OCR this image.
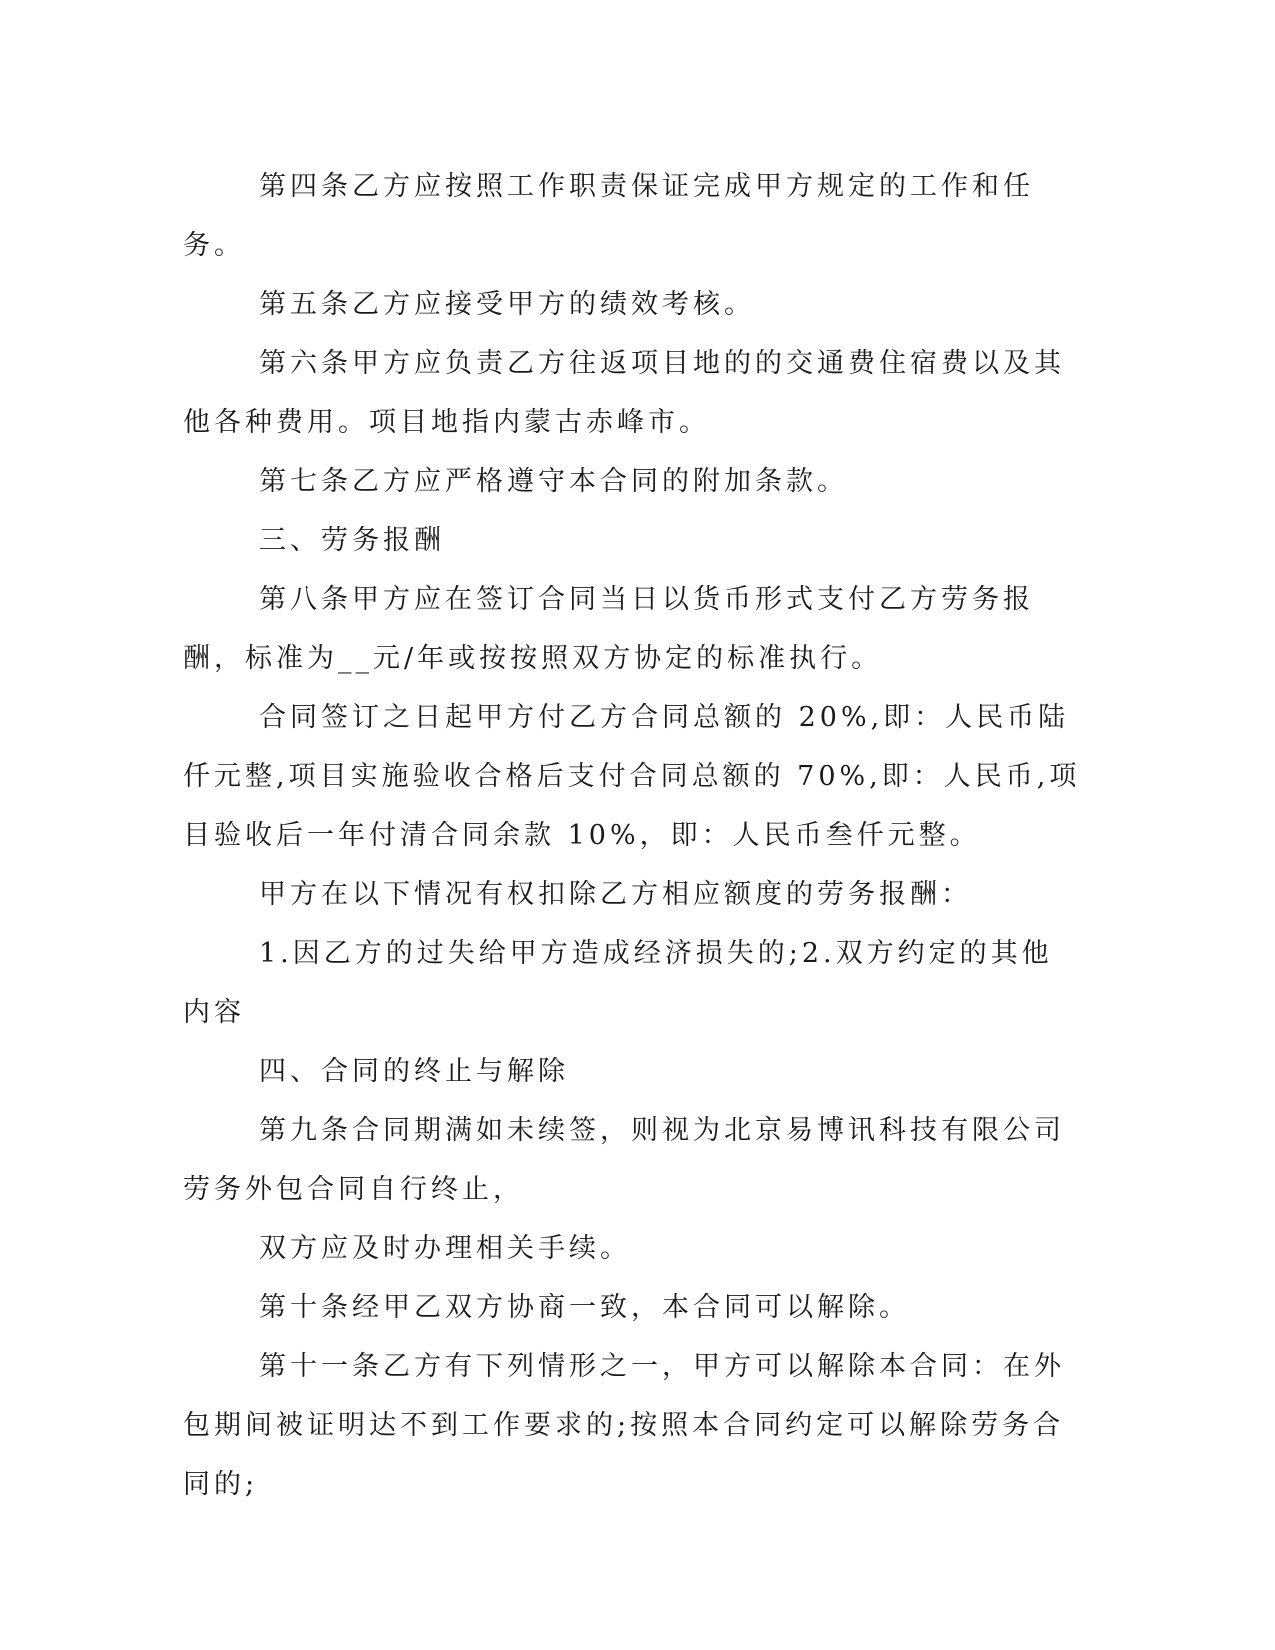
第四条乙方应按照工作职责保证完成甲方规定的工作和任务。

第五条乙方应接受甲方的绩效考核。

第六条甲方应负责乙方往返项目地的的交通费住宿费以及其他各种费用。项目地指内蒙古赤峰市。

第七条乙方应严格遵守本合同的附加条款。

三、劳务报酬

第八条甲方应在签订合同当日以货币形式支付乙方劳务报酬，标准为__元/年或按按照双方协定的标准执行。

合同签订之日起甲方付乙方合同总额的 20%,即：人民币陆仟元整,项目实施验收合格后支付合同总额的 70%,即：人民币,项目验收后一年付清合同余款 10%，即：人民币叁仟元整。

甲方在以下情况有权扣除乙方相应额度的劳务报酬：

1.因乙方的过失给甲方造成经济损失的;2.双方约定的其他内容

四、合同的终止与解除

第九条合同期满如未续签，则视为北京易博讯科技有限公司劳务外包合同自行终止，

双方应及时办理相关手续。

第十条经甲乙双方协商一致，本合同可以解除。

第十一条乙方有下列情形之一，甲方可以解除本合同：在外包期间被证明达不到工作要求的;按照本合同约定可以解除劳务合同的;
